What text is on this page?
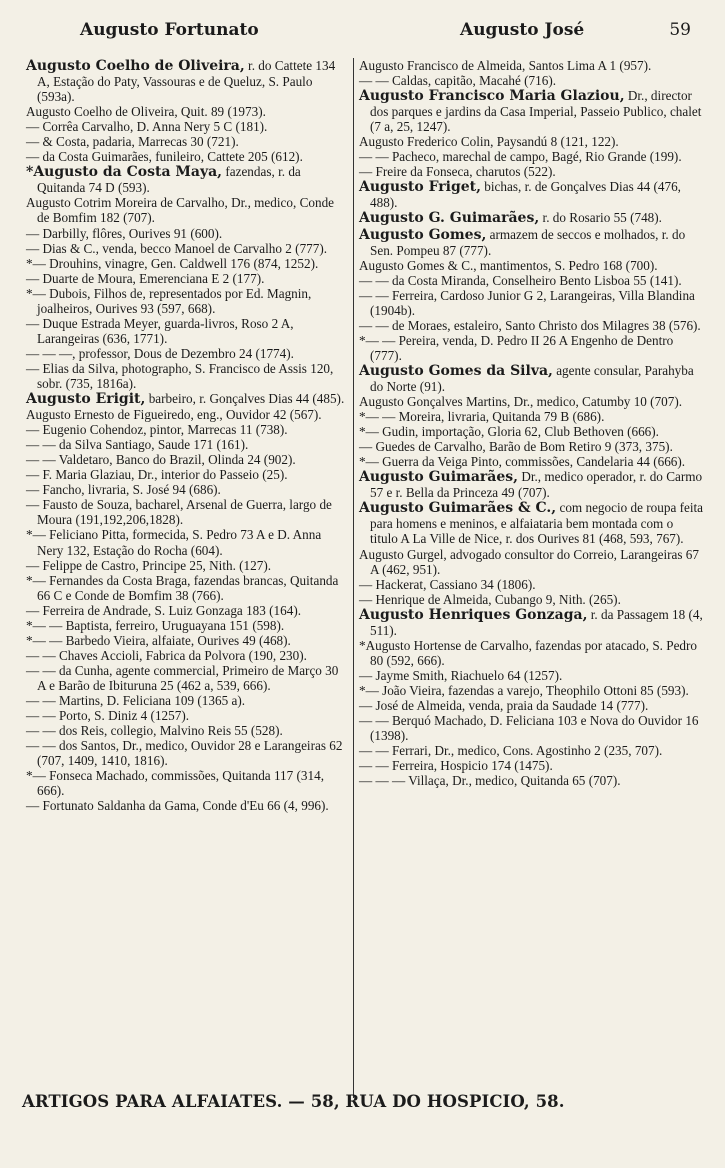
Augusto Fortunato	Augusto José	59

Augusto Coelho de Oliveira, r. do Cattete 134 A, Estação do Paty, Vassouras e de Queluz, S. Paulo (593a).

Augusto Coelho de Oliveira, Quit. 89 (1973).

— Corrêa Carvalho, D. Anna Nery 5 C (181).

— & Costa, padaria, Marrecas 30 (721).

— da Costa Guimarães, funileiro, Cattete 205 (612).

*Augusto da Costa Maya, fazendas, r. da Quitanda 74 D (593).

Augusto Cotrim Moreira de Carvalho, Dr., medico, Conde de Bomfim 182 (707).

— Darbilly, flôres, Ourives 91 (600).

— Dias & C., venda, becco Manoel de Carvalho 2 (777).

*— Drouhins, vinagre, Gen. Caldwell 176 (874, 1252).

— Duarte de Moura, Emerenciana E 2 (177).

*— Dubois, Filhos de, representados por Ed. Magnin, joalheiros, Ourives 93 (597, 668).

— Duque Estrada Meyer, guarda-livros, Roso 2 A, Larangeiras (636, 1771).

— — —, professor, Dous de Dezembro 24 (1774).

— Elias da Silva, photographo, S. Francisco de Assis 120, sobr. (735, 1816a).

Augusto Erigit, barbeiro, r. Gonçalves Dias 44 (485).

Augusto Ernesto de Figueiredo, eng., Ouvidor 42 (567).

— Eugenio Cohendoz, pintor, Marrecas 11 (738).

— — da Silva Santiago, Saude 171 (161).

— — Valdetaro, Banco do Brazil, Olinda 24 (902).

— F. Maria Glaziau, Dr., interior do Passeio (25).

— Fancho, livraria, S. José 94 (686).

— Fausto de Souza, bacharel, Arsenal de Guerra, largo de Moura (191,192,206,1828).

*— Feliciano Pitta, formecida, S. Pedro 73 A e D. Anna Nery 132, Estação do Rocha (604).

— Felippe de Castro, Principe 25, Nith. (127).

*— Fernandes da Costa Braga, fazendas brancas, Quitanda 66 C e Conde de Bomfim 38 (766).

— Ferreira de Andrade, S. Luiz Gonzaga 183 (164).

*— — Baptista, ferreiro, Uruguayana 151 (598).

*— — Barbedo Vieira, alfaiate, Ourives 49 (468).

— — Chaves Accioli, Fabrica da Polvora (190, 230).

— — da Cunha, agente commercial, Primeiro de Março 30 A e Barão de Ibituruna 25 (462 a, 539, 666).

— — Martins, D. Feliciana 109 (1365 a).

— — Porto, S. Diniz 4 (1257).

— — dos Reis, collegio, Malvino Reis 55 (528).

— — dos Santos, Dr., medico, Ouvidor 28 e Larangeiras 62 (707, 1409, 1410, 1816).

*— Fonseca Machado, commissões, Quitanda 117 (314, 666).

— Fortunato Saldanha da Gama, Conde d'Eu 66 (4, 996).

Augusto Francisco de Almeida, Santos Lima A 1 (957).

— — Caldas, capitão, Macahé (716).

Augusto Francisco Maria Glaziou, Dr., director dos parques e jardins da Casa Imperial, Passeio Publico, chalet (7 a, 25, 1247).

Augusto Frederico Colin, Paysandú 8 (121, 122).

— — Pacheco, marechal de campo, Bagé, Rio Grande (199).

— Freire da Fonseca, charutos (522).

Augusto Friget, bichas, r. de Gonçalves Dias 44 (476, 488).

Augusto G. Guimarães, r. do Rosario 55 (748).

Augusto Gomes, armazem de seccos e molhados, r. do Sen. Pompeu 87 (777).

Augusto Gomes & C., mantimentos, S. Pedro 168 (700).

— — da Costa Miranda, Conselheiro Bento Lisboa 55 (141).

— — Ferreira, Cardoso Junior G 2, Larangeiras, Villa Blandina (1904b).

— — de Moraes, estaleiro, Santo Christo dos Milagres 38 (576).

*— — Pereira, venda, D. Pedro II 26 A Engenho de Dentro (777).

Augusto Gomes da Silva, agente consular, Parahyba do Norte (91).

Augusto Gonçalves Martins, Dr., medico, Catumby 10 (707).

*— — Moreira, livraria, Quitanda 79 B (686).

*— Gudin, importação, Gloria 62, Club Bethoven (666).

— Guedes de Carvalho, Barão de Bom Retiro 9 (373, 375).

*— Guerra da Veiga Pinto, commissões, Candelaria 44 (666).

Augusto Guimarães, Dr., medico operador, r. do Carmo 57 e r. Bella da Princeza 49 (707).

Augusto Guimarães & C., com negocio de roupa feita para homens e meninos, e alfaiataria bem montada com o titulo A La Ville de Nice, r. dos Ourives 81 (468, 593, 767).

Augusto Gurgel, advogado consultor do Correio, Larangeiras 67 A (462, 951).

— Hackerat, Cassiano 34 (1806).

— Henrique de Almeida, Cubango 9, Nith. (265).

Augusto Henriques Gonzaga, r. da Passagem 18 (4, 511).

*Augusto Hortense de Carvalho, fazendas por atacado, S. Pedro 80 (592, 666).

— Jayme Smith, Riachuelo 64 (1257).

*— João Vieira, fazendas a varejo, Theophilo Ottoni 85 (593).

— José de Almeida, venda, praia da Saudade 14 (777).

— — Berquó Machado, D. Feliciana 103 e Nova do Ouvidor 16 (1398).

— — Ferrari, Dr., medico, Cons. Agostinho 2 (235, 707).

— — Ferreira, Hospicio 174 (1475).

— — — Villaça, Dr., medico, Quitanda 65 (707).

ARTIGOS PARA ALFAIATES. — 58, RUA DO HOSPICIO, 58.
